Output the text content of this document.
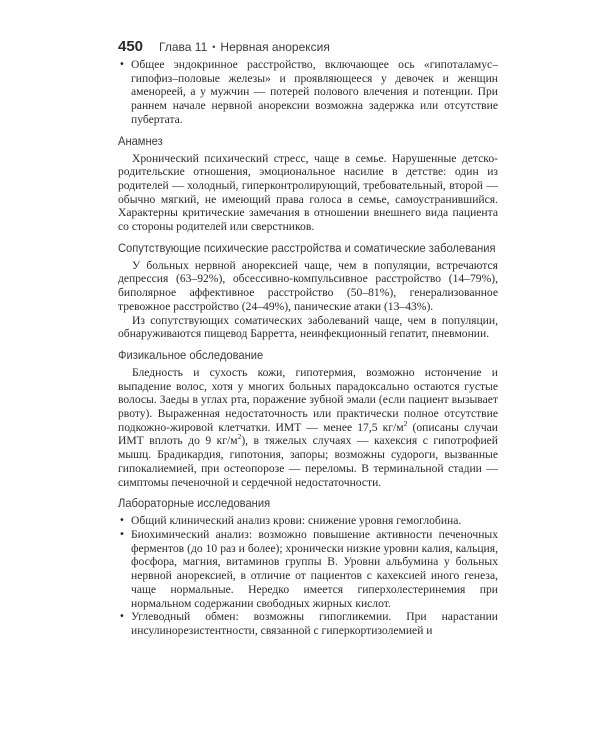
450 Глава 11 • Нервная анорексия
• Общее эндокринное расстройство, включающее ось «гипоталамус–гипофиз–половые железы» и проявляющееся у девочек и женщин аменореей, а у мужчин — потерей полового влечения и потенции. При раннем начале нервной анорексии возможна задержка или отсутствие пубертата.
Анамнез

Хронический психический стресс, чаще в семье. Нарушенные детско-родительские отношения, эмоциональное насилие в детстве: один из родителей — холодный, гиперконтролирующий, требовательный, второй — обычно мягкий, не имеющий права голоса в семье, самоустранившийся. Характерны критические замечания в отношении внешнего вида пациента со стороны родителей или сверстников.

Сопутствующие психические расстройства и соматические заболевания

У больных нервной анорексией чаще, чем в популяции, встречаются депрессия (63–92%), обсессивно-компульсивное расстройство (14–79%), биполярное аффективное расстройство (50–81%), генерализованное тревожное расстройство (24–49%), панические атаки (13–43%).

Из сопутствующих соматических заболеваний чаще, чем в популяции, обнаруживаются пищевод Барретта, неинфекционный гепатит, пневмонии.

Физикальное обследование

Бледность и сухость кожи, гипотермия, возможно истончение и выпадение волос, хотя у многих больных парадоксально остаются густые волосы. Заеды в углах рта, поражение зубной эмали (если пациент вызывает рвоту). Выраженная недостаточность или практически полное отсутствие подкожно-жировой клетчатки. ИМТ — менее 17,5 $кг/м^2$ (описаны случаи ИМТ вплоть до 9 $кг/м^2$), в тяжелых случаях — кахексия с гипотрофией мышц. Брадикардия, гипотония, запоры; возможны судороги, вызванные гипокалиемией, при остеопорозе — переломы. В терминальной стадии — симптомы печеночной и сердечной недостаточности.

Лабораторные исследования
• Общий клинический анализ крови: снижение уровня гемоглобина.
• Биохимический анализ: возможно повышение активности печеночных ферментов (до 10 раз и более); хронически низкие уровни калия, кальция, фосфора, магния, витаминов группы B. Уровни альбумина у больных нервной анорексией, в отличие от пациентов с кахексией иного генеза, чаще нормальные. Нередко имеется гиперхолестеринемия при нормальном содержании свободных жирных кислот.
• Углеводный обмен: возможны гипогликемии. При нарастании инсулинорезистентности, связанной с гиперкортизолемией и
